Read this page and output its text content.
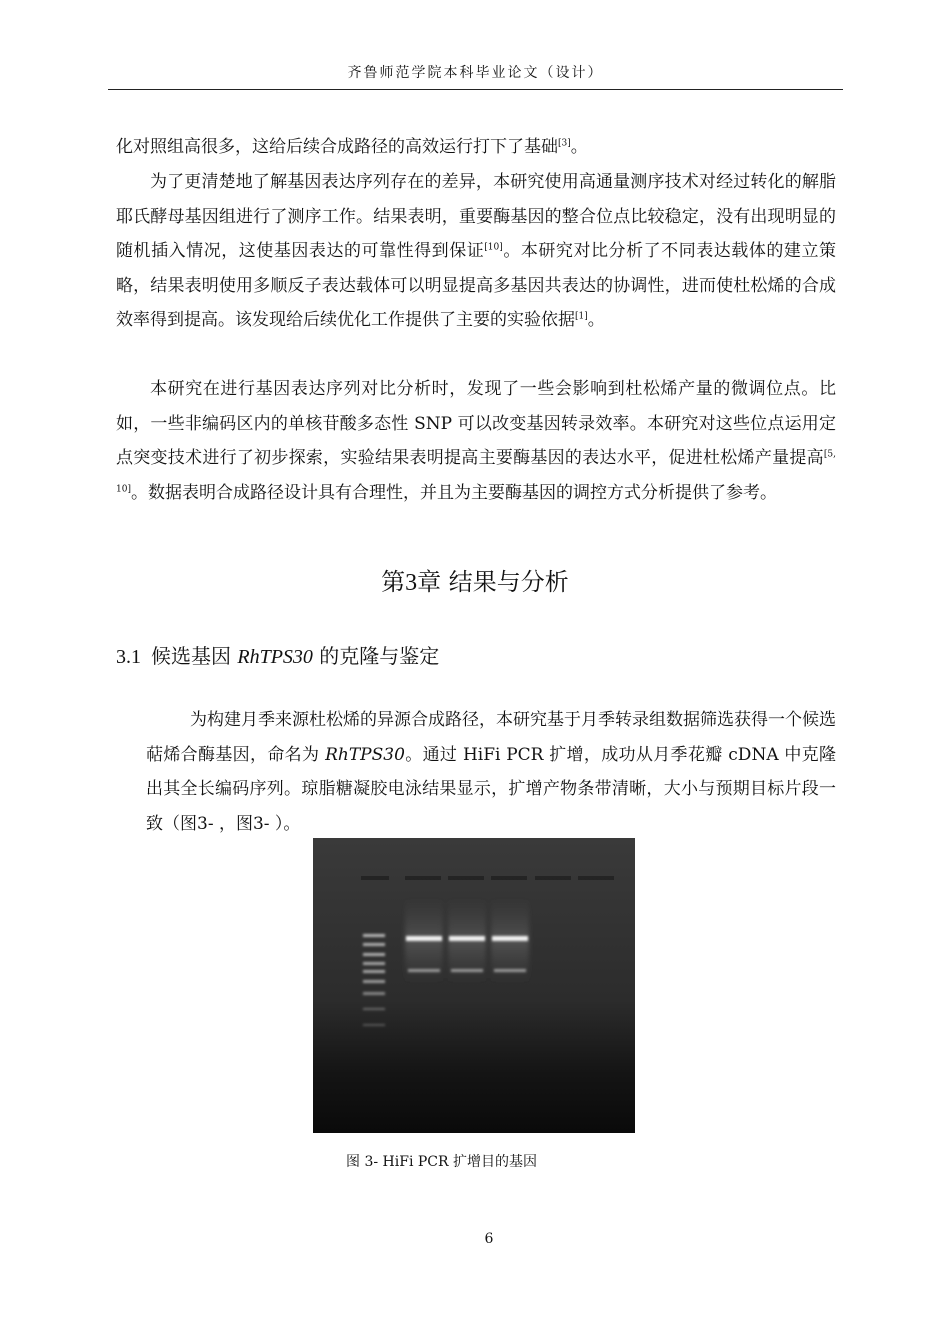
齐鲁师范学院本科毕业论文（设计）

化对照组高很多，这给后续合成路径的高效运行打下了基础[3]。

为了更清楚地了解基因表达序列存在的差异，本研究使用高通量测序技术对经过转化的解脂耶氏酵母基因组进行了测序工作。结果表明，重要酶基因的整合位点比较稳定，没有出现明显的随机插入情况，这使基因表达的可靠性得到保证[10]。本研究对比分析了不同表达载体的建立策略，结果表明使用多顺反子表达载体可以明显提高多基因共表达的协调性，进而使杜松烯的合成效率得到提高。该发现给后续优化工作提供了主要的实验依据[1]。

本研究在进行基因表达序列对比分析时，发现了一些会影响到杜松烯产量的微调位点。比如，一些非编码区内的单核苷酸多态性 SNP 可以改变基因转录效率。本研究对这些位点运用定点突变技术进行了初步探索，实验结果表明提高主要酶基因的表达水平，促进杜松烯产量提高[5, 10]。数据表明合成路径设计具有合理性，并且为主要酶基因的调控方式分析提供了参考。

第3章 结果与分析
3.1 候选基因 RhTPS30 的克隆与鉴定

为构建月季来源杜松烯的异源合成路径，本研究基于月季转录组数据筛选获得一个候选萜烯合酶基因，命名为 RhTPS30。通过 HiFi PCR 扩增，成功从月季花瓣 cDNA 中克隆出其全长编码序列。琼脂糖凝胶电泳结果显示，扩增产物条带清晰，大小与预期目标片段一致（图3- ，图3- ）。

图 3- HiFi PCR 扩增目的基因
6
